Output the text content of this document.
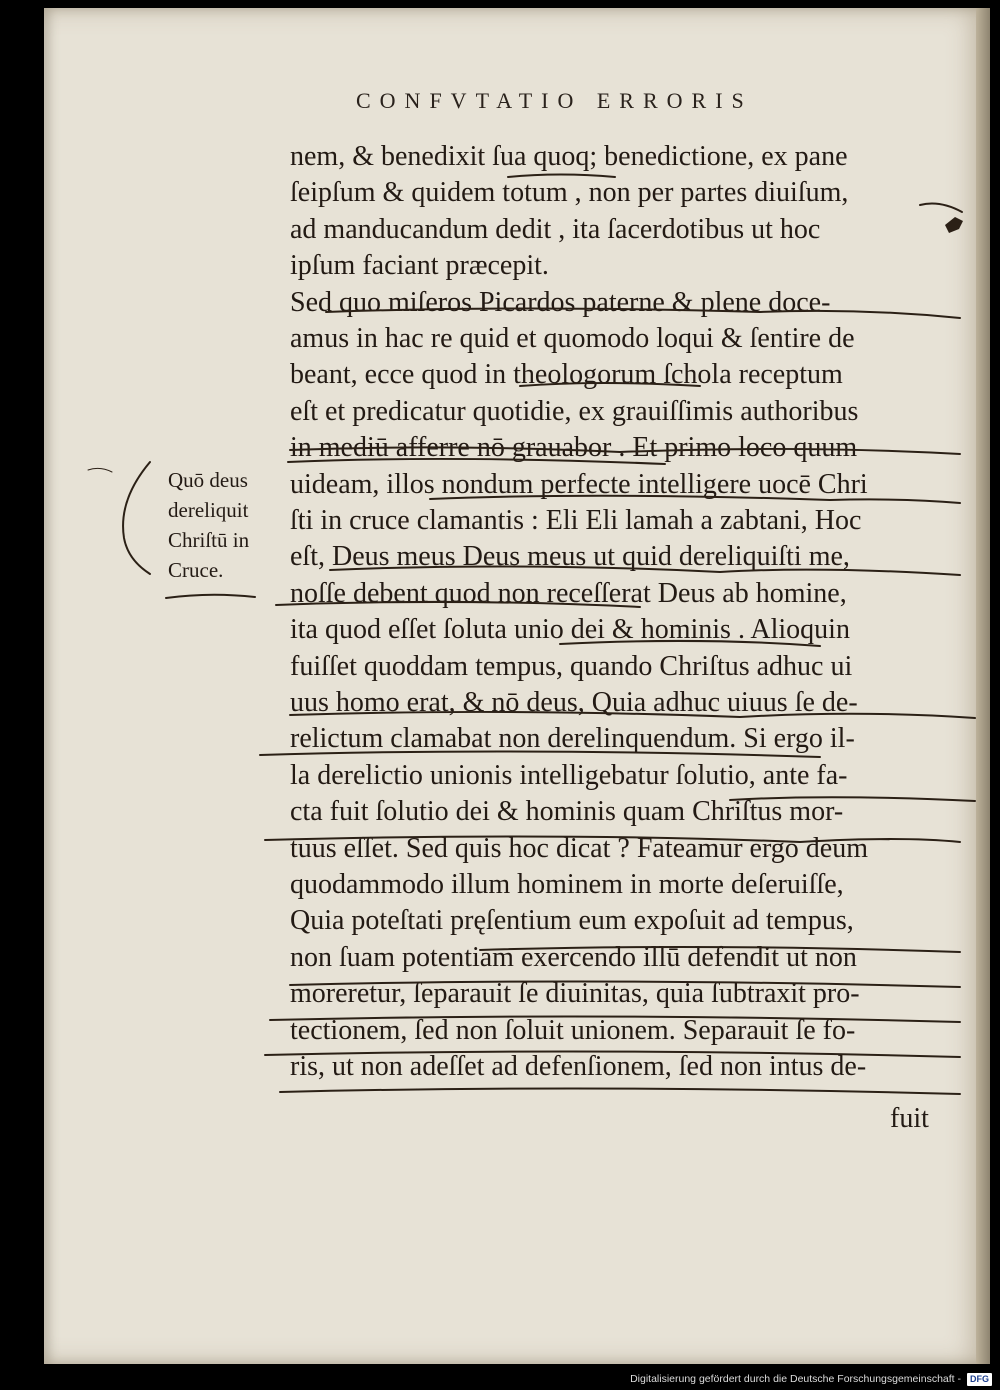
CONFVTATIO ERRORIS
nem, & benedixit ſua quoq; benedictione, ex pane
ſeipſum & quidem totum , non per partes diuiſum,
ad manducandum dedit , ita ſacerdotibus ut hoc
ipſum faciant præcepit.
Sed quo miſeros Picardos paterne & plene doce-
amus in hac re quid et quomodo loqui & ſentire de
beant, ecce quod in theologorum ſchola receptum
eſt et predicatur quotidie, ex grauiſſimis authoribus
in mediū afferre nō grauabor . Et primo loco quum
uideam, illos nondum perfecte intelligere uocē Chri
ſti in cruce clamantis : Eli Eli lamah a zabtani, Hoc
eſt, Deus meus Deus meus ut quid dereliquiſti me,
noſſe debent quod non receſſerat Deus ab homine,
ita quod eſſet ſoluta unio dei & hominis . Alioquin
fuiſſet quoddam tempus, quando Chriſtus adhuc ui
uus homo erat, & nō deus, Quia adhuc uiuus ſe de-
relictum clamabat non derelinquendum. Si ergo il-
la derelictio unionis intelligebatur ſolutio, ante fa-
cta fuit ſolutio dei & hominis quam Chriſtus mor-
tuus eſſet. Sed quis hoc dicat ? Fateamur ergo deum
quodammodo illum hominem in morte deſeruiſſe,
Quia poteſtati pręſentium eum expoſuit ad tempus,
non ſuam potentiam exercendo illū defendit ut non
moreretur, ſeparauit ſe diuinitas, quia ſubtraxit pro-
tectionem, ſed non ſoluit unionem. Separauit ſe fo-
ris, ut non adeſſet ad defenſionem, ſed non intus de-
fuit
Quō deus
dereliquit
Chriſtū in
Cruce.
Digitalisierung gefördert durch die Deutsche Forschungsgemeinschaft -	DFG
